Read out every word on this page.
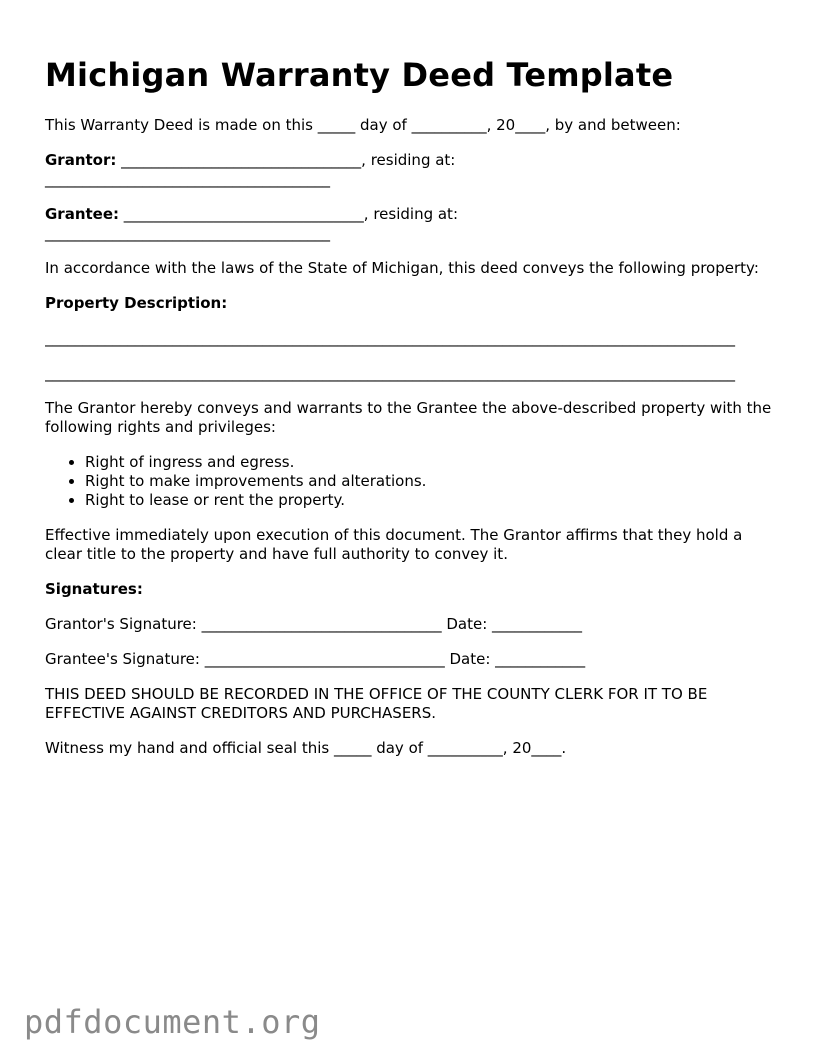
Michigan Warranty Deed Template

This Warranty Deed is made on this _____ day of __________, 20____, by and between:

Grantor: ________________________________, residing at:
______________________________________
Grantee: ________________________________, residing at:
______________________________________

In accordance with the laws of the State of Michigan, this deed conveys the following property:

Property Description:
____________________________________________________________________________________________
____________________________________________________________________________________________

The Grantor hereby conveys and warrants to the Grantee the above-described property with the following rights and privileges:

• Right of ingress and egress.
• Right to make improvements and alterations.
• Right to lease or rent the property.

Effective immediately upon execution of this document. The Grantor affirms that they hold a clear title to the property and have full authority to convey it.

Signatures:

Grantor's Signature: ________________________________ Date: ____________

Grantee's Signature: ________________________________ Date: ____________

THIS DEED SHOULD BE RECORDED IN THE OFFICE OF THE COUNTY CLERK FOR IT TO BE EFFECTIVE AGAINST CREDITORS AND PURCHASERS.

Witness my hand and official seal this _____ day of __________, 20____.

pdfdocument.org
